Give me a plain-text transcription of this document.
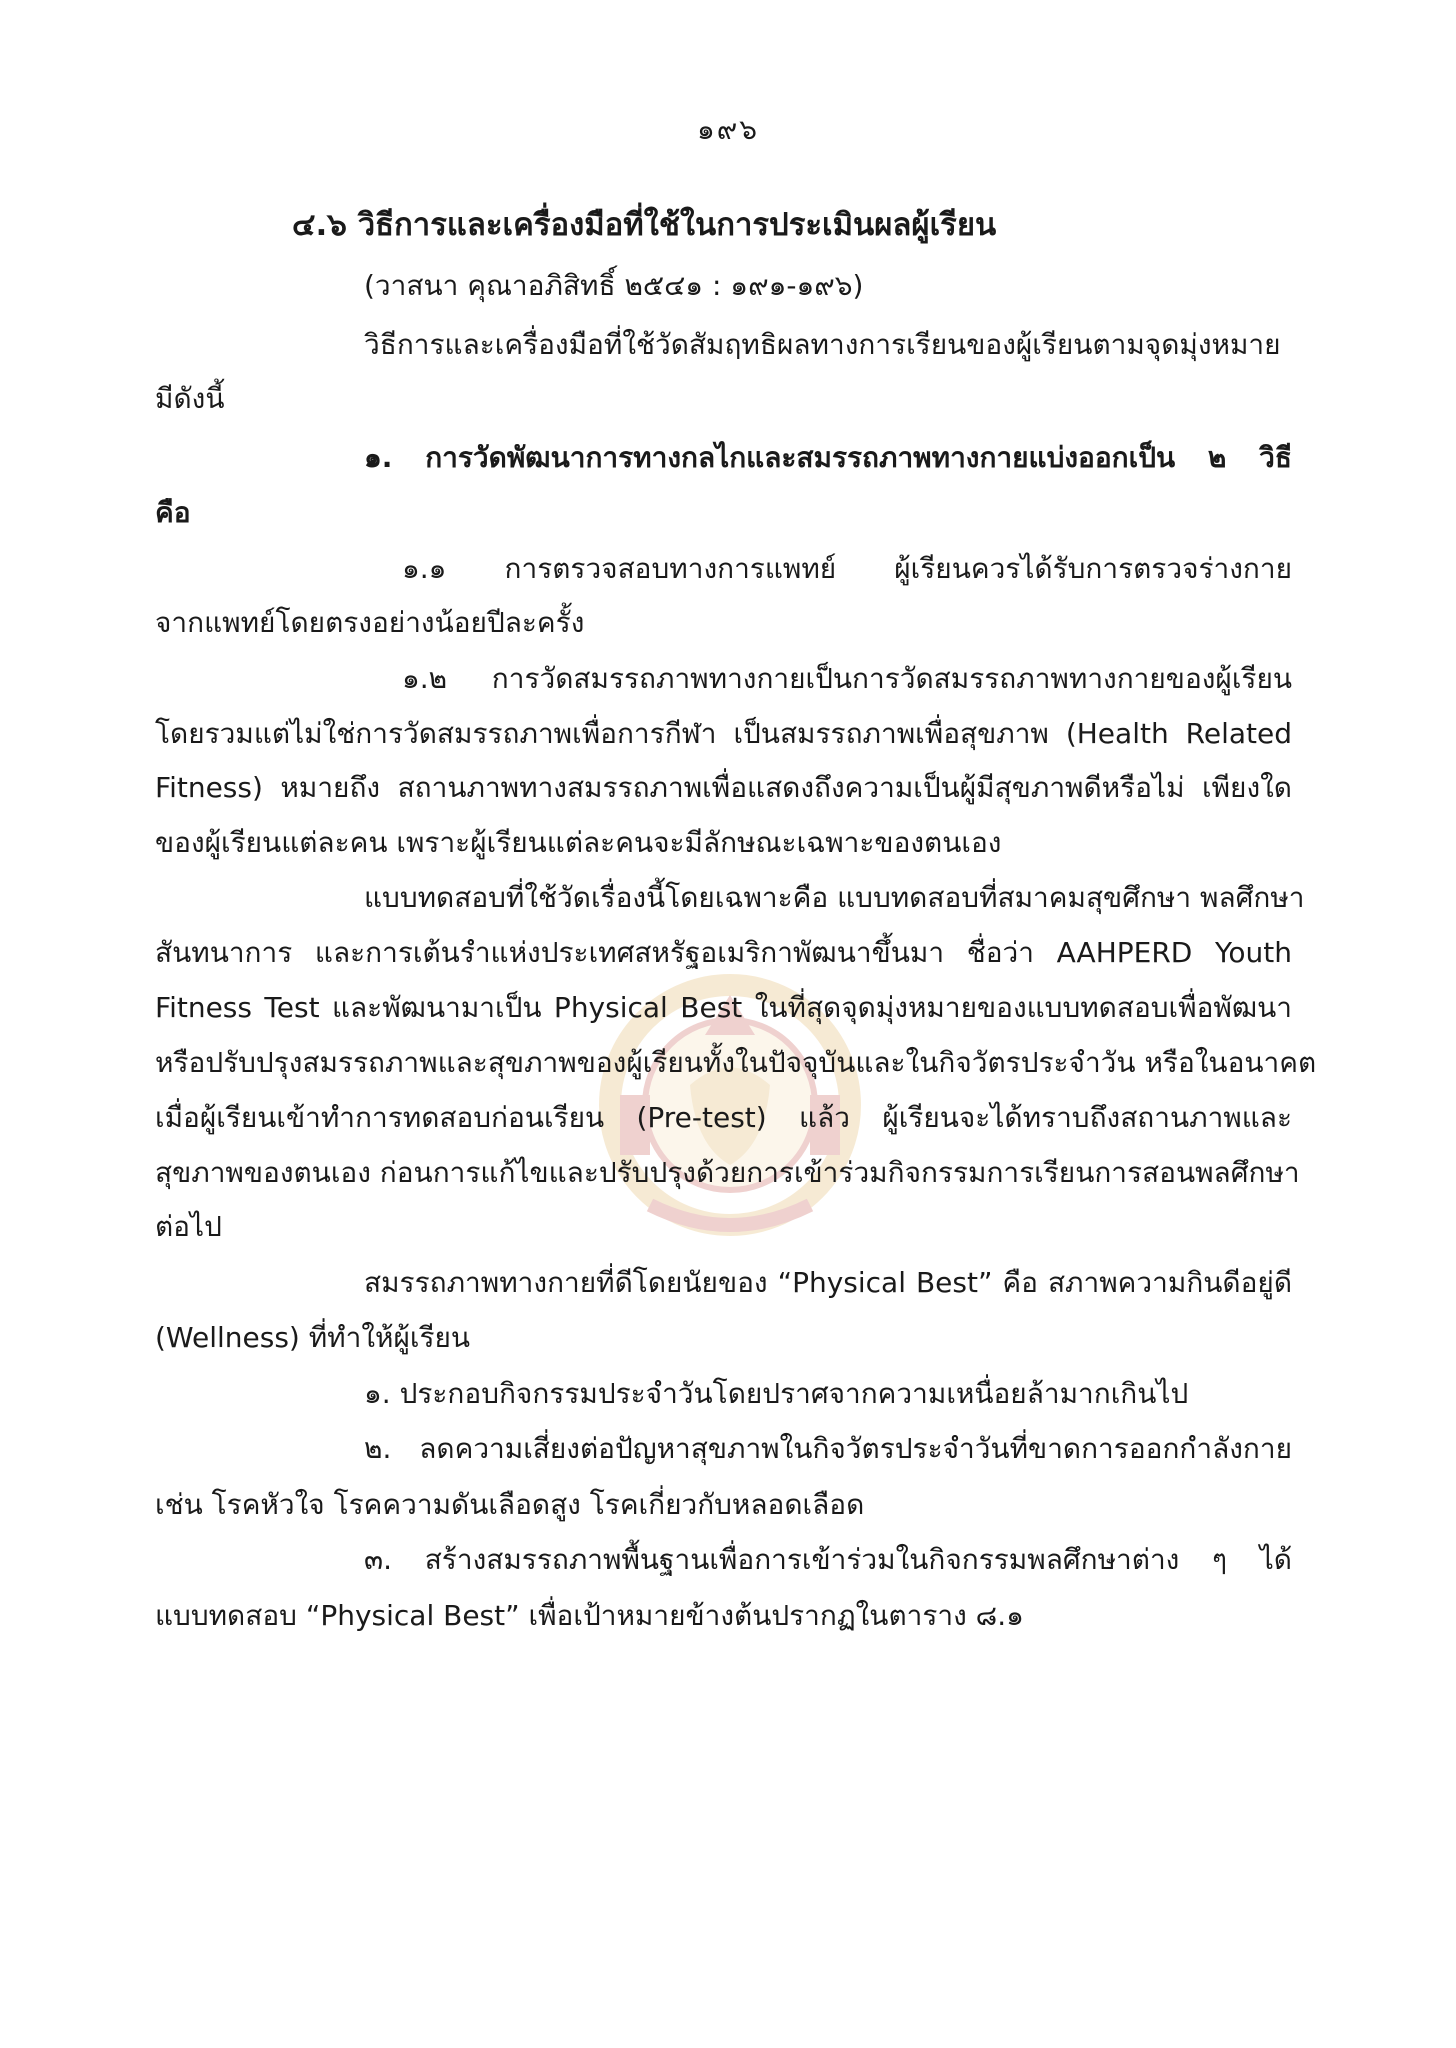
๑๙๖
๔.๖ วิธีการและเครื่องมือที่ใช้ในการประเมินผลผู้เรียน
(วาสนา คุณาอภิสิทธิ์ ๒๕๔๑ : ๑๙๑-๑๙๖)
วิธีการและเครื่องมือที่ใช้วัดสัมฤทธิผลทางการเรียนของผู้เรียนตามจุดมุ่งหมาย
มีดังนี้
๑. การวัดพัฒนาการทางกลไกและสมรรถภาพทางกายแบ่งออกเป็น ๒ วิธี
คือ
๑.๑ การตรวจสอบทางการแพทย์ ผู้เรียนควรได้รับการตรวจร่างกาย
จากแพทย์โดยตรงอย่างน้อยปีละครั้ง
๑.๒ การวัดสมรรถภาพทางกายเป็นการวัดสมรรถภาพทางกายของผู้เรียน
โดยรวมแต่ไม่ใช่การวัดสมรรถภาพเพื่อการกีฬา เป็นสมรรถภาพเพื่อสุขภาพ (Health Related
Fitness) หมายถึง สถานภาพทางสมรรถภาพเพื่อแสดงถึงความเป็นผู้มีสุขภาพดีหรือไม่ เพียงใด
ของผู้เรียนแต่ละคน เพราะผู้เรียนแต่ละคนจะมีลักษณะเฉพาะของตนเอง
แบบทดสอบที่ใช้วัดเรื่องนี้โดยเฉพาะคือ แบบทดสอบที่สมาคมสุขศึกษา พลศึกษา
สันทนาการ และการเต้นรำแห่งประเทศสหรัฐอเมริกาพัฒนาขึ้นมา ชื่อว่า AAHPERD Youth
Fitness Test และพัฒนามาเป็น Physical Best ในที่สุดจุดมุ่งหมายของแบบทดสอบเพื่อพัฒนา
หรือปรับปรุงสมรรถภาพและสุขภาพของผู้เรียนทั้งในปัจจุบันและในกิจวัตรประจำวัน หรือในอนาคต
เมื่อผู้เรียนเข้าทำการทดสอบก่อนเรียน (Pre-test) แล้ว ผู้เรียนจะได้ทราบถึงสถานภาพและ
สุขภาพของตนเอง ก่อนการแก้ไขและปรับปรุงด้วยการเข้าร่วมกิจกรรมการเรียนการสอนพลศึกษา
ต่อไป
สมรรถภาพทางกายที่ดีโดยนัยของ “Physical Best” คือ สภาพความกินดีอยู่ดี
(Wellness) ที่ทำให้ผู้เรียน
๑. ประกอบกิจกรรมประจำวันโดยปราศจากความเหนื่อยล้ามากเกินไป
๒. ลดความเสี่ยงต่อปัญหาสุขภาพในกิจวัตรประจำวันที่ขาดการออกกำลังกาย
เช่น โรคหัวใจ โรคความดันเลือดสูง โรคเกี่ยวกับหลอดเลือด
๓. สร้างสมรรถภาพพื้นฐานเพื่อการเข้าร่วมในกิจกรรมพลศึกษาต่าง ๆ ได้
แบบทดสอบ “Physical Best” เพื่อเป้าหมายข้างต้นปรากฏในตาราง ๘.๑
